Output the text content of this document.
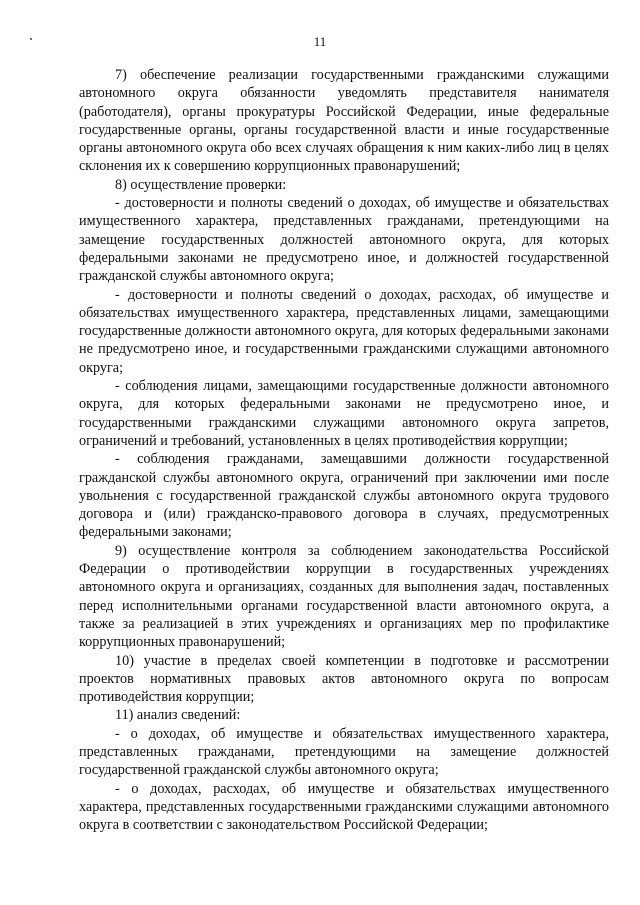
11

7) обеспечение реализации государственными гражданскими служащими автономного округа обязанности уведомлять представителя нанимателя (работодателя), органы прокуратуры Российской Федерации, иные федеральные государственные органы, органы государственной власти и иные государственные органы автономного округа обо всех случаях обращения к ним каких-либо лиц в целях склонения их к совершению коррупционных правонарушений;

8) осуществление проверки:

- достоверности и полноты сведений о доходах, об имуществе и обязательствах имущественного характера, представленных гражданами, претендующими на замещение государственных должностей автономного округа, для которых федеральными законами не предусмотрено иное, и должностей государственной гражданской службы автономного округа;

- достоверности и полноты сведений о доходах, расходах, об имуществе и обязательствах имущественного характера, представленных лицами, замещающими государственные должности автономного округа, для которых федеральными законами не предусмотрено иное, и государственными гражданскими служащими автономного округа;

- соблюдения лицами, замещающими государственные должности автономного округа, для которых федеральными законами не предусмотрено иное, и государственными гражданскими служащими автономного округа запретов, ограничений и требований, установленных в целях противодействия коррупции;

- соблюдения гражданами, замещавшими должности государственной гражданской службы автономного округа, ограничений при заключении ими после увольнения с государственной гражданской службы автономного округа трудового договора и (или) гражданско-правового договора в случаях, предусмотренных федеральными законами;

9) осуществление контроля за соблюдением законодательства Российской Федерации о противодействии коррупции в государственных учреждениях автономного округа и организациях, созданных для выполнения задач, поставленных перед исполнительными органами государственной власти автономного округа, а также за реализацией в этих учреждениях и организациях мер по профилактике коррупционных правонарушений;

10) участие в пределах своей компетенции в подготовке и рассмотрении проектов нормативных правовых актов автономного округа по вопросам противодействия коррупции;

11) анализ сведений:

- о доходах, об имуществе и обязательствах имущественного характера, представленных гражданами, претендующими на замещение должностей государственной гражданской службы автономного округа;

- о доходах, расходах, об имуществе и обязательствах имущественного характера, представленных государственными гражданскими служащими автономного округа в соответствии с законодательством Российской Федерации;
